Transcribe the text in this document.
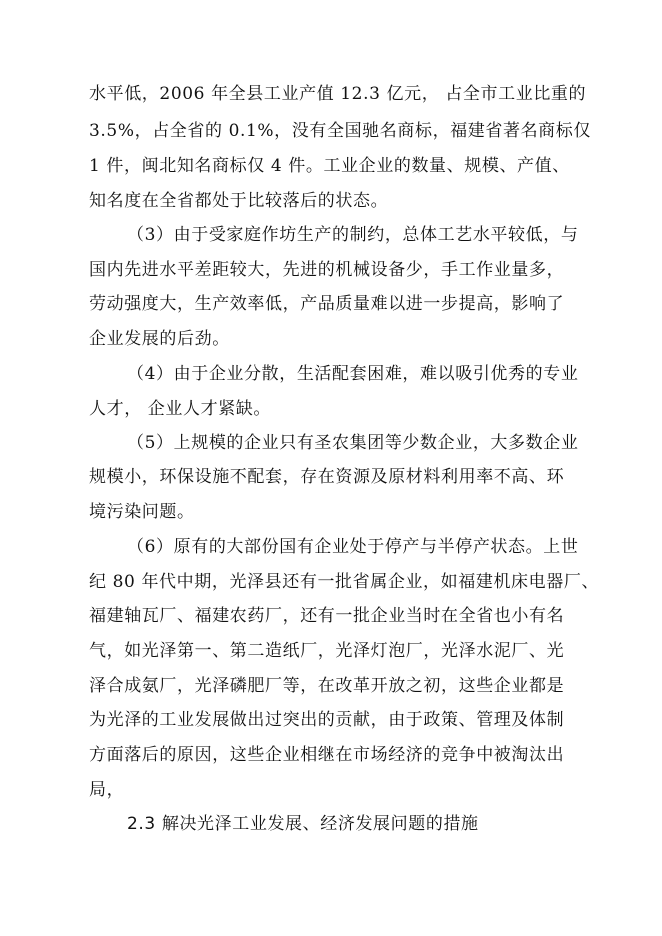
水平低，2006 年全县工业产值 12.3 亿元， 占全市工业比重的

3.5%，占全省的 0.1%，没有全国驰名商标，福建省著名商标仅

1 件，闽北知名商标仅 4 件。工业企业的数量、规模、产值、

知名度在全省都处于比较落后的状态。

（3）由于受家庭作坊生产的制约，总体工艺水平较低，与

国内先进水平差距较大，先进的机械设备少，手工作业量多，

劳动强度大，生产效率低，产品质量难以进一步提高，影响了

企业发展的后劲。

（4）由于企业分散，生活配套困难，难以吸引优秀的专业

人才， 企业人才紧缺。

（5）上规模的企业只有圣农集团等少数企业，大多数企业

规模小，环保设施不配套，存在资源及原材料利用率不高、环

境污染问题。

（6）原有的大部份国有企业处于停产与半停产状态。上世

纪 80 年代中期，光泽县还有一批省属企业，如福建机床电器厂、

福建轴瓦厂、福建农药厂，还有一批企业当时在全省也小有名

气，如光泽第一、第二造纸厂，光泽灯泡厂，光泽水泥厂、光

泽合成氨厂，光泽磷肥厂等，在改革开放之初，这些企业都是

为光泽的工业发展做出过突出的贡献，由于政策、管理及体制

方面落后的原因，这些企业相继在市场经济的竞争中被淘汰出

局，

2.3 解决光泽工业发展、经济发展问题的措施
